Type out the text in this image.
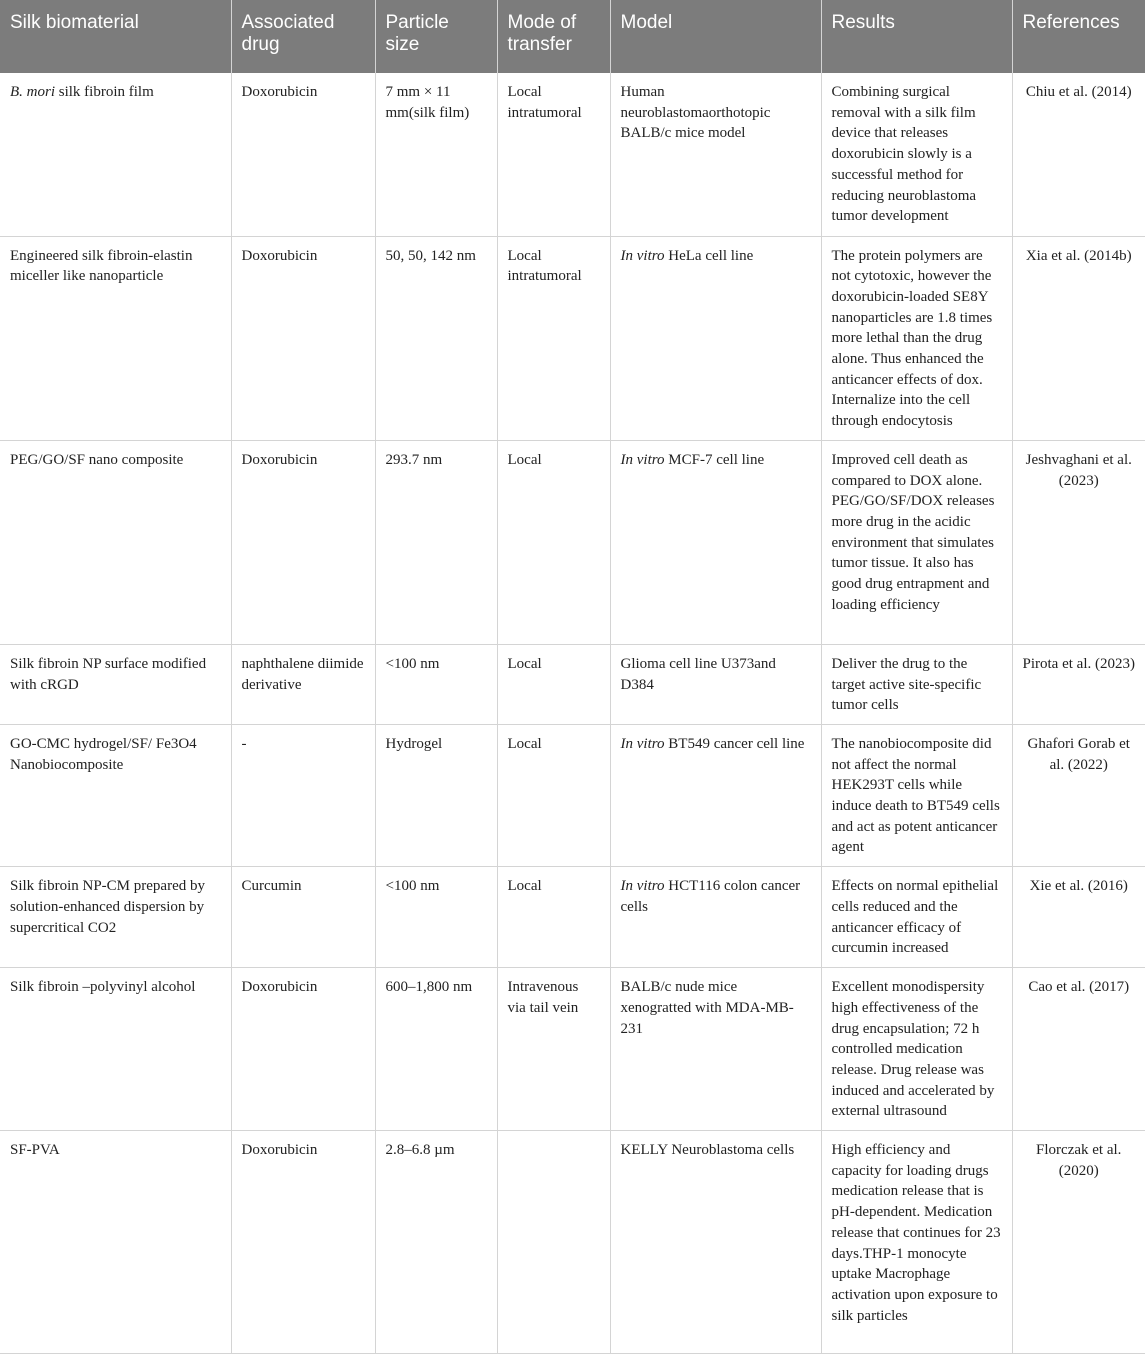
Silk biomaterial	Associated drug	Particle size	Mode of transfer	Model	Results	References
B. mori silk fibroin film	Doxorubicin	7 mm × 11 mm(silk film)	Local intratumoral	Human neuroblastomaorthotopic BALB/c mice model	Combining surgical removal with a silk film device that releases doxorubicin slowly is a successful method for reducing neuroblastoma tumor development	Chiu et al. (2014)
Engineered silk fibroin-elastin miceller like nanoparticle	Doxorubicin	50, 50, 142 nm	Local intratumoral	In vitro HeLa cell line	The protein polymers are not cytotoxic, however the doxorubicin-loaded SE8Y nanoparticles are 1.8 times more lethal than the drug alone. Thus enhanced the anticancer effects of dox. Internalize into the cell through endocytosis	Xia et al. (2014b)
PEG/GO/SF nano composite	Doxorubicin	293.7 nm	Local	In vitro MCF-7 cell line	Improved cell death as compared to DOX alone. PEG/GO/SF/DOX releases more drug in the acidic environment that simulates tumor tissue. It also has good drug entrapment and loading efficiency	Jeshvaghani et al. (2023)
Silk fibroin NP surface modified with cRGD	naphthalene diimide derivative	<100 nm	Local	Glioma cell line U373and D384	Deliver the drug to the target active site-specific tumor cells	Pirota et al. (2023)
GO-CMC hydrogel/SF/ Fe3O4 Nanobiocomposite	-	Hydrogel	Local	In vitro BT549 cancer cell line	The nanobiocomposite did not affect the normal HEK293T cells while induce death to BT549 cells and act as potent anticancer agent	Ghafori Gorab et al. (2022)
Silk fibroin NP-CM prepared by solution-enhanced dispersion by supercritical CO2	Curcumin	<100 nm	Local	In vitro HCT116 colon cancer cells	Effects on normal epithelial cells reduced and the anticancer efficacy of curcumin increased	Xie et al. (2016)
Silk fibroin –polyvinyl alcohol	Doxorubicin	600–1,800 nm	Intravenous via tail vein	BALB/c nude mice xenogratted with MDA-MB-231	Excellent monodispersity high effectiveness of the drug encapsulation; 72 h controlled medication release. Drug release was induced and accelerated by external ultrasound	Cao et al. (2017)
SF-PVA	Doxorubicin	2.8–6.8 µm		KELLY Neuroblastoma cells	High efficiency and capacity for loading drugs medication release that is pH-dependent. Medication release that continues for 23 days.THP-1 monocyte uptake Macrophage activation upon exposure to silk particles	Florczak et al. (2020)
